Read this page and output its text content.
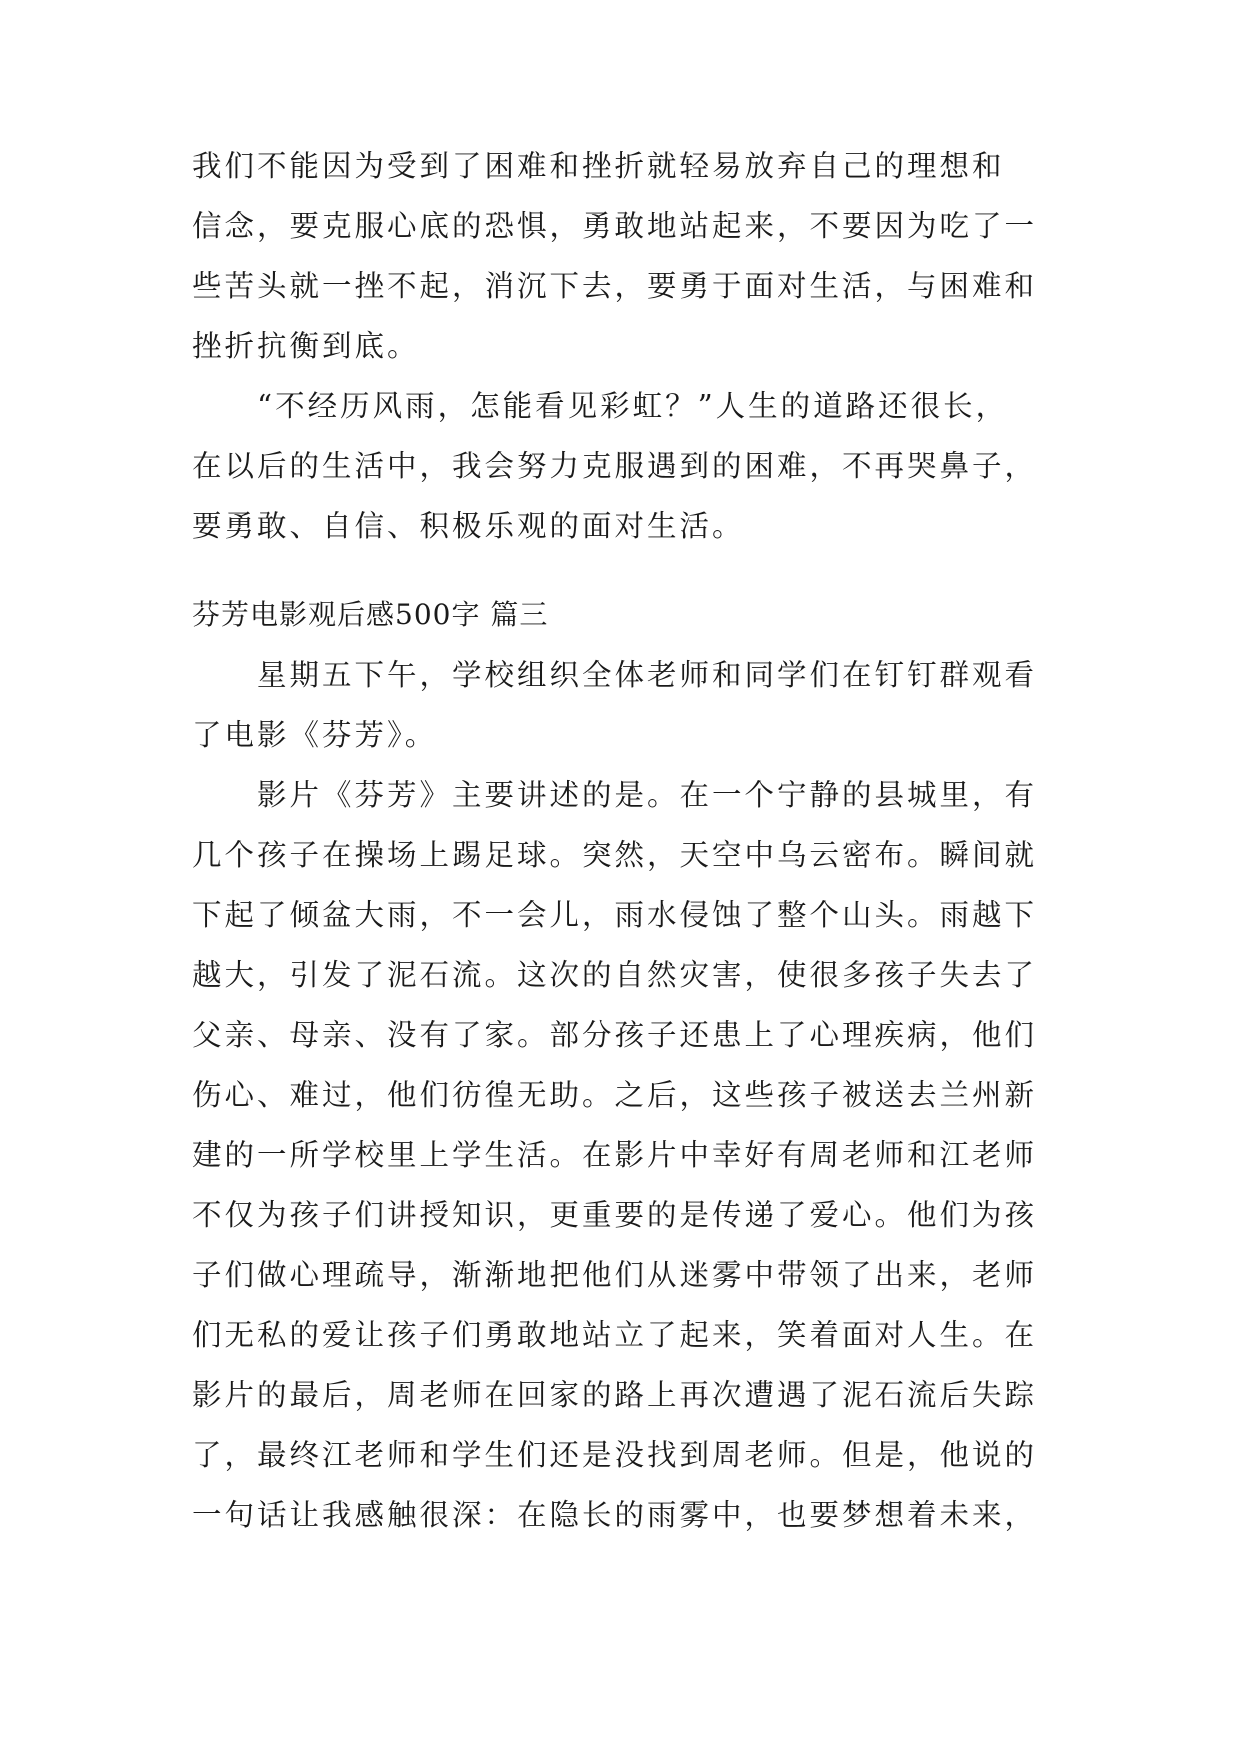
我们不能因为受到了困难和挫折就轻易放弃自己的理想和
信念，要克服心底的恐惧，勇敢地站起来，不要因为吃了一
些苦头就一挫不起，消沉下去，要勇于面对生活，与困难和
挫折抗衡到底。
　　“不经历风雨，怎能看见彩虹？”人生的道路还很长，
在以后的生活中，我会努力克服遇到的困难，不再哭鼻子，
要勇敢、自信、积极乐观的面对生活。
芬芳电影观后感500字 篇三
　　星期五下午，学校组织全体老师和同学们在钉钉群观看
了电影《芬芳》。
　　影片《芬芳》主要讲述的是。在一个宁静的县城里，有
几个孩子在操场上踢足球。突然，天空中乌云密布。瞬间就
下起了倾盆大雨，不一会儿，雨水侵蚀了整个山头。雨越下
越大，引发了泥石流。这次的自然灾害，使很多孩子失去了
父亲、母亲、没有了家。部分孩子还患上了心理疾病，他们
伤心、难过，他们彷徨无助。之后，这些孩子被送去兰州新
建的一所学校里上学生活。在影片中幸好有周老师和江老师
不仅为孩子们讲授知识，更重要的是传递了爱心。他们为孩
子们做心理疏导，渐渐地把他们从迷雾中带领了出来，老师
们无私的爱让孩子们勇敢地站立了起来，笑着面对人生。在
影片的最后，周老师在回家的路上再次遭遇了泥石流后失踪
了，最终江老师和学生们还是没找到周老师。但是，他说的
一句话让我感触很深：在隐长的雨雾中，也要梦想着未来，
